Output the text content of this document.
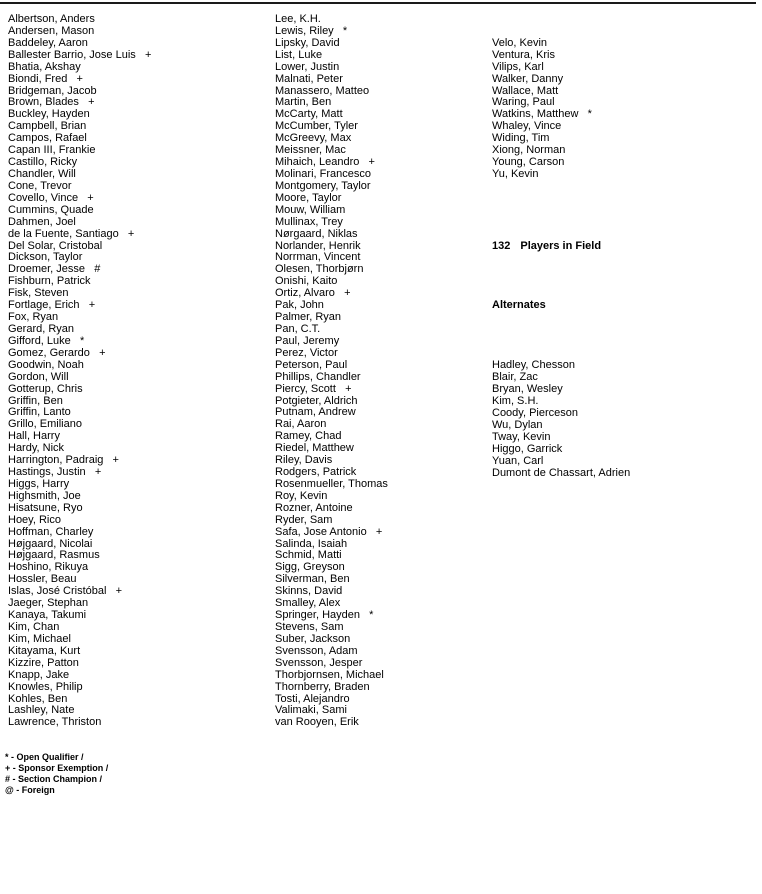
Albertson, Anders
Andersen, Mason
Baddeley, Aaron
Ballester Barrio, Jose Luis   +
Bhatia, Akshay
Biondi, Fred   +
Bridgeman, Jacob
Brown, Blades   +
Buckley, Hayden
Campbell, Brian
Campos, Rafael
Capan III, Frankie
Castillo, Ricky
Chandler, Will
Cone, Trevor
Covello, Vince   +
Cummins, Quade
Dahmen, Joel
de la Fuente, Santiago   +
Del Solar, Cristobal
Dickson, Taylor
Droemer, Jesse   #
Fishburn, Patrick
Fisk, Steven
Fortlage, Erich   +
Fox, Ryan
Gerard, Ryan
Gifford, Luke   *
Gomez, Gerardo   +
Goodwin, Noah
Gordon, Will
Gotterup, Chris
Griffin, Ben
Griffin, Lanto
Grillo, Emiliano
Hall, Harry
Hardy, Nick
Harrington, Padraig   +
Hastings, Justin   +
Higgs, Harry
Highsmith, Joe
Hisatsune, Ryo
Hoey, Rico
Hoffman, Charley
Højgaard, Nicolai
Højgaard, Rasmus
Hoshino, Rikuya
Hossler, Beau
Islas, José Cristóbal   +
Jaeger, Stephan
Kanaya, Takumi
Kim, Chan
Kim, Michael
Kitayama, Kurt
Kizzire, Patton
Knapp, Jake
Knowles, Philip
Kohles, Ben
Lashley, Nate
Lawrence, Thriston
Lee, K.H.
Lewis, Riley   *
Lipsky, David
List, Luke
Lower, Justin
Malnati, Peter
Manassero, Matteo
Martin, Ben
McCarty, Matt
McCumber, Tyler
McGreevy, Max
Meissner, Mac
Mihaich, Leandro   +
Molinari, Francesco
Montgomery, Taylor
Moore, Taylor
Mouw, William
Mullinax, Trey
Nørgaard, Niklas
Norlander, Henrik
Norrman, Vincent
Olesen, Thorbjørn
Onishi, Kaito
Ortiz, Alvaro   +
Pak, John
Palmer, Ryan
Pan, C.T.
Paul, Jeremy
Perez, Victor
Peterson, Paul
Phillips, Chandler
Piercy, Scott   +
Potgieter, Aldrich
Putnam, Andrew
Rai, Aaron
Ramey, Chad
Riedel, Matthew
Riley, Davis
Rodgers, Patrick
Rosenmueller, Thomas
Roy, Kevin
Rozner, Antoine
Ryder, Sam
Safa, Jose Antonio   +
Salinda, Isaiah
Schmid, Matti
Sigg, Greyson
Silverman, Ben
Skinns, David
Smalley, Alex
Springer, Hayden   *
Stevens, Sam
Suber, Jackson
Svensson, Adam
Svensson, Jesper
Thorbjornsen, Michael
Thornberry, Braden
Tosti, Alejandro
Valimaki, Sami
van Rooyen, Erik

Velo, Kevin
Ventura, Kris
Vilips, Karl
Walker, Danny
Wallace, Matt
Waring, Paul
Watkins, Matthew   *
Whaley, Vince
Widing, Tim
Xiong, Norman
Young, Carson
Yu, Kevin

132 Players in Field

Alternates

Hadley, Chesson
Blair, Zac
Bryan, Wesley
Kim, S.H.
Coody, Pierceson
Wu, Dylan
Tway, Kevin
Higgo, Garrick
Yuan, Carl
Dumont de Chassart, Adrien

* - Open Qualifier /
+ - Sponsor Exemption /
# - Section Champion /
@ - Foreign
